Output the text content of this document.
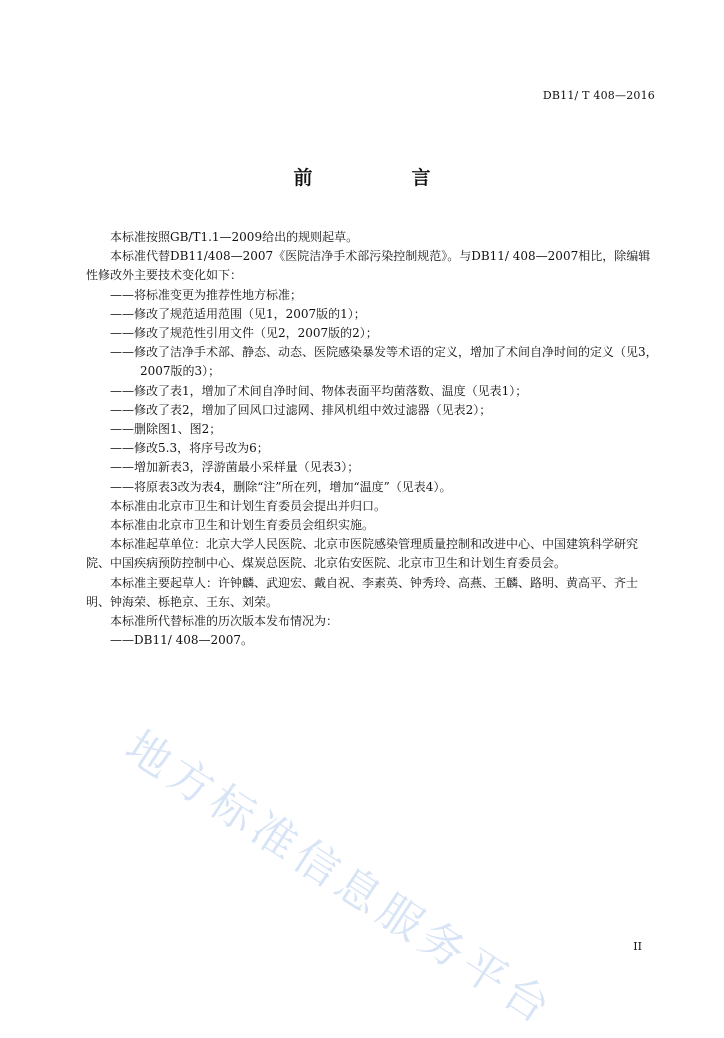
DB11/ T 408—2016
前　言

本标准按照GB/T1.1—2009给出的规则起草。

本标准代替DB11/408—2007《医院洁净手术部污染控制规范》。与DB11/ 408—2007相比，除编辑性修改外主要技术变化如下：

——将标准变更为推荐性地方标准；

——修改了规范适用范围（见1，2007版的1）；

——修改了规范性引用文件（见2，2007版的2）；

——修改了洁净手术部、静态、动态、医院感染暴发等术语的定义，增加了术间自净时间的定义（见3，2007版的3）；

——修改了表1，增加了术间自净时间、物体表面平均菌落数、温度（见表1）；

——修改了表2，增加了回风口过滤网、排风机组中效过滤器（见表2）；

——删除图1、图2；

——修改5.3，将序号改为6；

——增加新表3，浮游菌最小采样量（见表3）；

——将原表3改为表4，删除“注”所在列，增加“温度”（见表4）。

本标准由北京市卫生和计划生育委员会提出并归口。

本标准由北京市卫生和计划生育委员会组织实施。

本标准起草单位：北京大学人民医院、北京市医院感染管理质量控制和改进中心、中国建筑科学研究院、中国疾病预防控制中心、煤炭总医院、北京佑安医院、北京市卫生和计划生育委员会。

本标准主要起草人：许钟麟、武迎宏、戴自祝、李素英、钟秀玲、高燕、王麟、路明、黄高平、齐士明、钟海荣、栎艳京、王东、刘荣。

本标准所代替标准的历次版本发布情况为：

——DB11/ 408—2007。

地方标准信息服务平台	II
